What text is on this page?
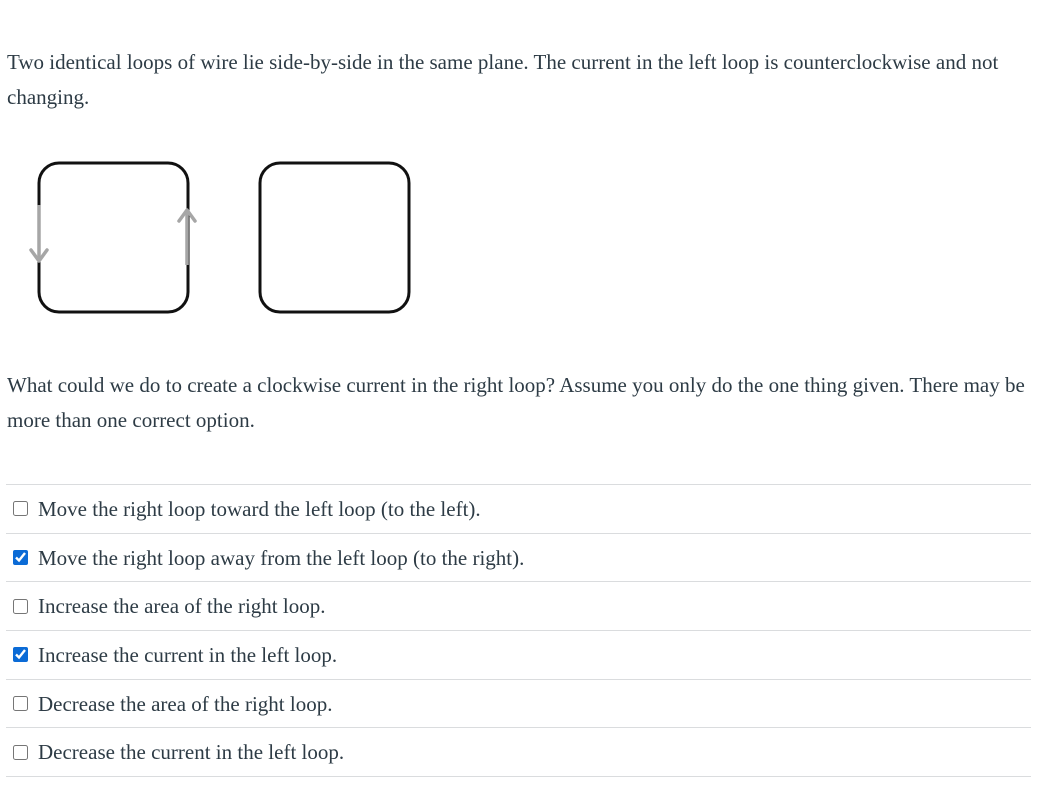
Two identical loops of wire lie side-by-side in the same plane. The current in the left loop is counterclockwise and not changing.

What could we do to create a clockwise current in the right loop? Assume you only do the one thing given. There may be more than one correct option.

Move the right loop toward the left loop (to the left).
Move the right loop away from the left loop (to the right).
Increase the area of the right loop.
Increase the current in the left loop.
Decrease the area of the right loop.
Decrease the current in the left loop.
